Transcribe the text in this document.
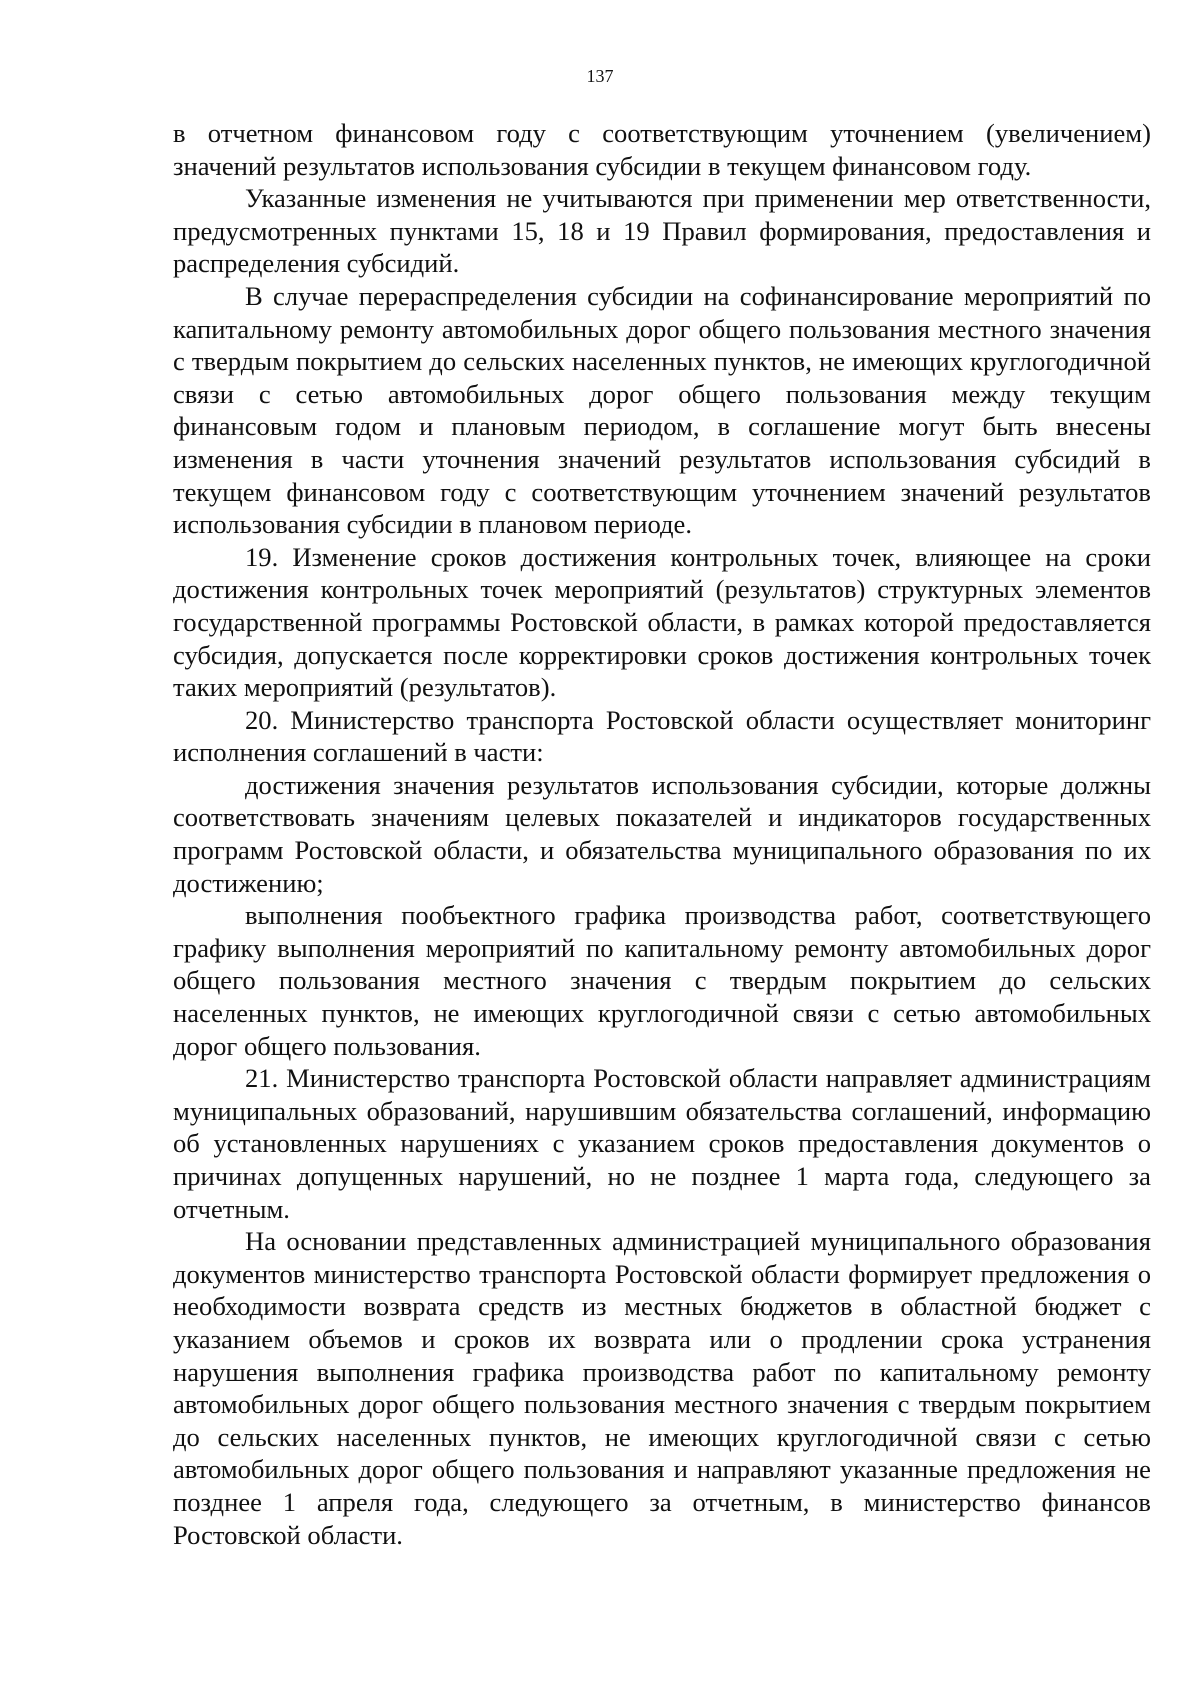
137

в отчетном финансовом году с соответствующим уточнением (увеличением) значений результатов использования субсидии в текущем финансовом году.

Указанные изменения не учитываются при применении мер ответственности, предусмотренных пунктами 15, 18 и 19 Правил формирования, предоставления и распределения субсидий.

В случае перераспределения субсидии на софинансирование мероприятий по капитальному ремонту автомобильных дорог общего пользования местного значения с твердым покрытием до сельских населенных пунктов, не имеющих круглогодичной связи с сетью автомобильных дорог общего пользования между текущим финансовым годом и плановым периодом, в соглашение могут быть внесены изменения в части уточнения значений результатов использования субсидий в текущем финансовом году с соответствующим уточнением значений результатов использования субсидии в плановом периоде.

19. Изменение сроков достижения контрольных точек, влияющее на сроки достижения контрольных точек мероприятий (результатов) структурных элементов государственной программы Ростовской области, в рамках которой предоставляется субсидия, допускается после корректировки сроков достижения контрольных точек таких мероприятий (результатов).

20. Министерство транспорта Ростовской области осуществляет мониторинг исполнения соглашений в части:

достижения значения результатов использования субсидии, которые должны соответствовать значениям целевых показателей и индикаторов государственных программ Ростовской области, и обязательства муниципального образования по их достижению;

выполнения пообъектного графика производства работ, соответствующего графику выполнения мероприятий по капитальному ремонту автомобильных дорог общего пользования местного значения с твердым покрытием до сельских населенных пунктов, не имеющих круглогодичной связи с сетью автомобильных дорог общего пользования.

21. Министерство транспорта Ростовской области направляет администрациям муниципальных образований, нарушившим обязательства соглашений, информацию об установленных нарушениях с указанием сроков предоставления документов о причинах допущенных нарушений, но не позднее 1 марта года, следующего за отчетным.

На основании представленных администрацией муниципального образования документов министерство транспорта Ростовской области формирует предложения о необходимости возврата средств из местных бюджетов в областной бюджет с указанием объемов и сроков их возврата или о продлении срока устранения нарушения выполнения графика производства работ по капитальному ремонту автомобильных дорог общего пользования местного значения с твердым покрытием до сельских населенных пунктов, не имеющих круглогодичной связи с сетью автомобильных дорог общего пользования и направляют указанные предложения не позднее 1 апреля года, следующего за отчетным, в министерство финансов Ростовской области.
